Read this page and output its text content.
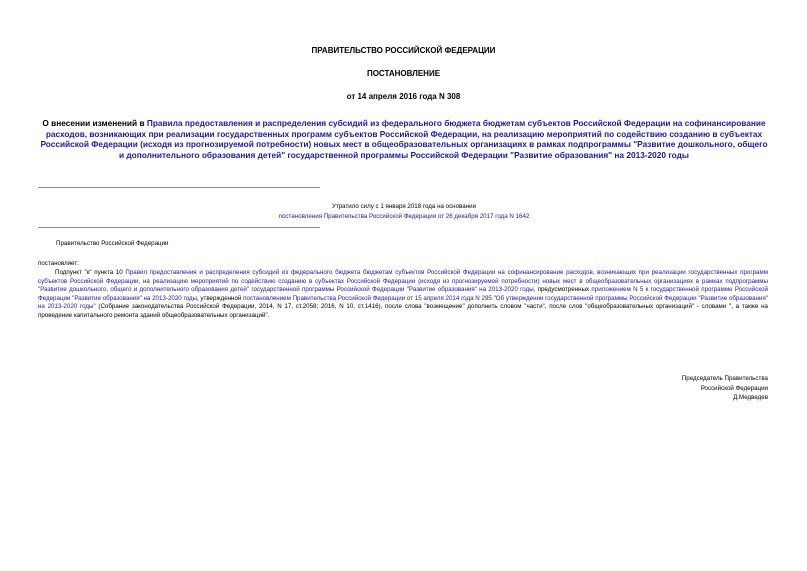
ПРАВИТЕЛЬСТВО РОССИЙСКОЙ ФЕДЕРАЦИИ
ПОСТАНОВЛЕНИЕ
от 14 апреля 2016 года N 308
О внесении изменений в Правила предоставления и распределения субсидий из федерального бюджета бюджетам субъектов Российской Федерации на софинансирование расходов, возникающих при реализации государственных программ субъектов Российской Федерации, на реализацию мероприятий по содействию созданию в субъектах Российской Федерации (исходя из прогнозируемой потребности) новых мест в общеобразовательных организациях в рамках подпрограммы "Развитие дошкольного, общего и дополнительного образования детей" государственной программы Российской Федерации "Развитие образования" на 2013-2020 годы
Утратило силу с 1 января 2018 года на основании
постановления Правительства Российской Федерации от 26 декабря 2017 года N 1642
Правительство Российской Федерации
постановляет:
Подпункт "к" пункта 10 Правил предоставления и распределения субсидий из федерального бюджета бюджетам субъектов Российской Федерации на софинансирование расходов, возникающих при реализации государственных программ субъектов Российской Федерации, на реализацию мероприятий по содействию созданию в субъектах Российской Федерации (исходя из прогнозируемой потребности) новых мест в общеобразовательных организациях в рамках подпрограммы "Развитие дошкольного, общего и дополнительного образования детей" государственной программы Российской Федерации "Развитие образования" на 2013-2020 годы, предусмотренных приложением N 5 к государственной программе Российской Федерации "Развитие образования" на 2013-2020 годы, утвержденной постановлением Правительства Российской Федерации от 15 апреля 2014 года N 295 "Об утверждении государственной программы Российской Федерации "Развитие образования" на 2013-2020 годы" (Собрание законодательства Российской Федерации, 2014, N 17, ст.2058; 2016, N 10, ст.1416), после слова "возмещение" дополнить словом "части", после слов "общеобразовательных организаций" - словами ", а также на проведение капитального ремонта зданий общеобразовательных организаций".
Председатель Правительства
Российской Федерации
Д.Медведев
